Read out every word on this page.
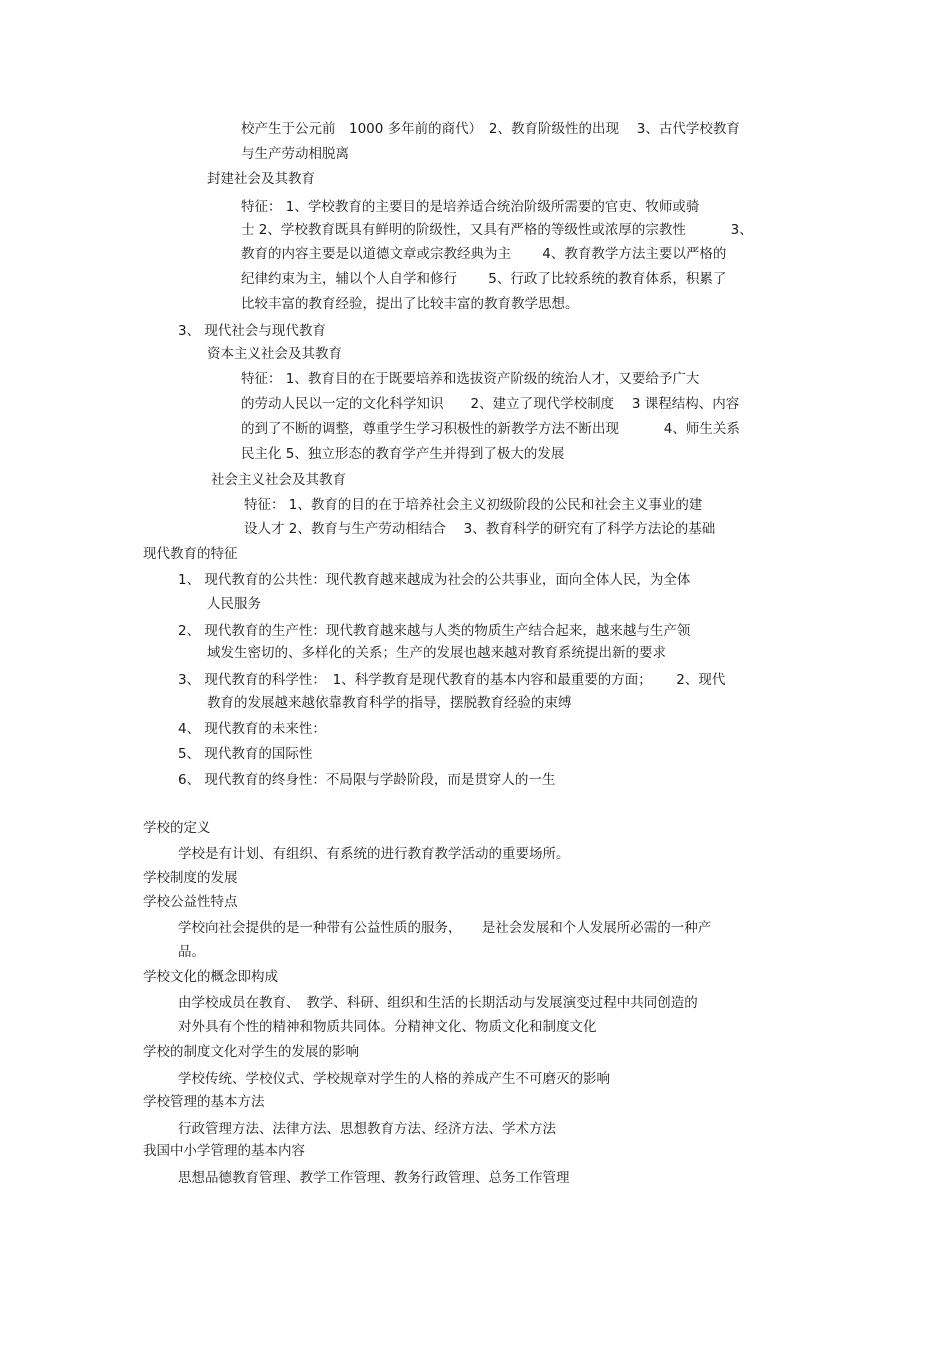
校产生于公元前　1000 多年前的商代）　2、教育阶级性的出现　 3、古代学校教育
与生产劳动相脱离
封建社会及其教育
特征： 1、学校教育的主要目的是培养适合统治阶级所需要的官吏、牧师或骑
士 2、学校教育既具有鲜明的阶级性，又具有严格的等级性或浓厚的宗教性　　　 3、
教育的内容主要是以道德文章或宗教经典为主　　 4、教育教学方法主要以严格的
纪律约束为主，辅以个人自学和修行　　 5、行政了比较系统的教育体系，积累了
比较丰富的教育经验，提出了比较丰富的教育教学思想。
3、 现代社会与现代教育
资本主义社会及其教育
特征： 1、教育目的在于既要培养和选拔资产阶级的统治人才，又要给予广大
的劳动人民以一定的文化科学知识　　2、建立了现代学校制度　 3 课程结构、内容
的到了不断的调整，尊重学生学习积极性的新教学方法不断出现　　　 4、师生关系
民主化 5、独立形态的教育学产生并得到了极大的发展
社会主义社会及其教育
特征： 1、教育的目的在于培养社会主义初级阶段的公民和社会主义事业的建
设人才 2、教育与生产劳动相结合　 3、教育科学的研究有了科学方法论的基础
现代教育的特征
1、 现代教育的公共性：现代教育越来越成为社会的公共事业，面向全体人民，为全体
人民服务
2、 现代教育的生产性：现代教育越来越与人类的物质生产结合起来，越来越与生产领
域发生密切的、多样化的关系；生产的发展也越来越对教育系统提出新的要求
3、 现代教育的科学性：　1、科学教育是现代教育的基本内容和最重要的方面；　　 2、现代
教育的发展越来越依靠教育科学的指导，摆脱教育经验的束缚
4、 现代教育的未来性：
5、 现代教育的国际性
6、 现代教育的终身性：不局限与学龄阶段，而是贯穿人的一生
学校的定义
学校是有计划、有组织、有系统的进行教育教学活动的重要场所。
学校制度的发展
学校公益性特点
学校向社会提供的是一种带有公益性质的服务，　　是社会发展和个人发展所必需的一种产
品。
学校文化的概念即构成
由学校成员在教育、　教学、科研、组织和生活的长期活动与发展演变过程中共同创造的
对外具有个性的精神和物质共同体。分精神文化、物质文化和制度文化
学校的制度文化对学生的发展的影响
学校传统、学校仪式、学校规章对学生的人格的养成产生不可磨灭的影响
学校管理的基本方法
行政管理方法、法律方法、思想教育方法、经济方法、学术方法
我国中小学管理的基本内容
思想品德教育管理、教学工作管理、教务行政管理、总务工作管理
